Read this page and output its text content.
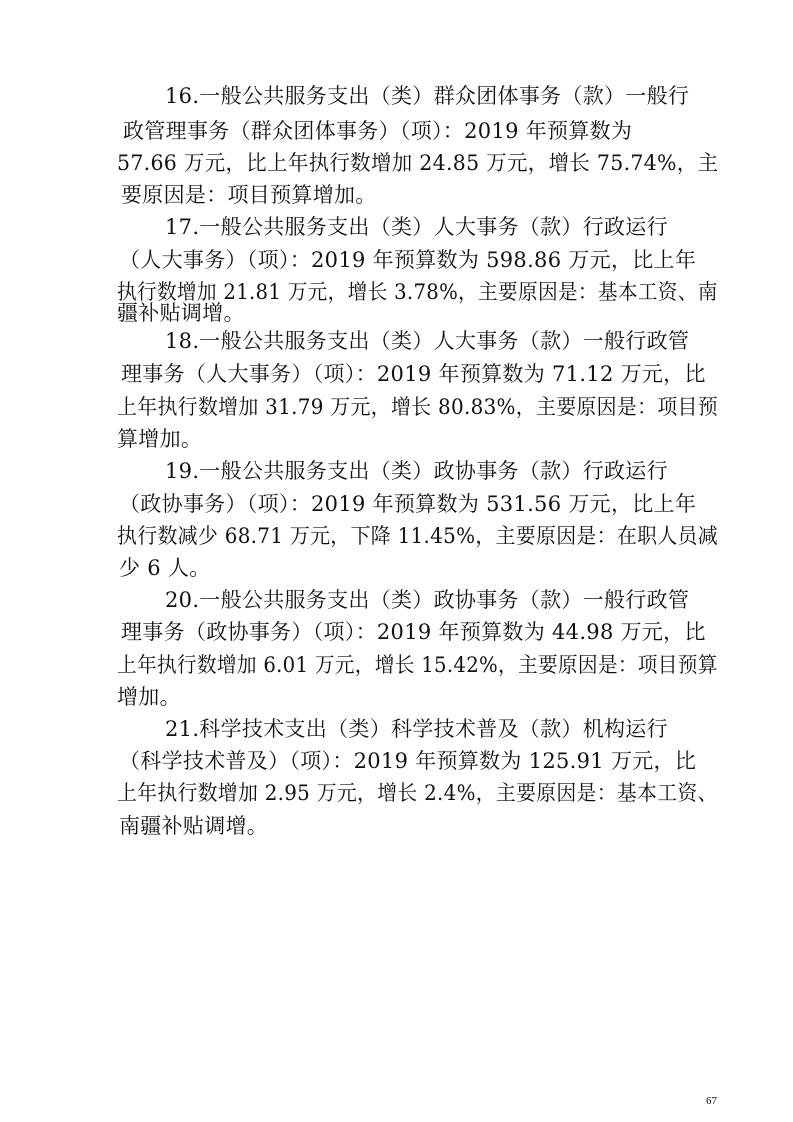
16.一般公共服务支出（类）群众团体事务（款）一般行
政管理事务（群众团体事务）（项）：2019 年预算数为
57.66 万元，比上年执行数增加 24.85 万元，增长 75.74%，主
要原因是：项目预算增加。
17.一般公共服务支出（类）人大事务（款）行政运行
（人大事务）（项）：2019 年预算数为 598.86 万元，比上年
执行数增加 21.81 万元，增长 3.78%，主要原因是：基本工资、南
疆补贴调增。
18.一般公共服务支出（类）人大事务（款）一般行政管
理事务（人大事务）（项）：2019 年预算数为 71.12 万元，比
上年执行数增加 31.79 万元，增长 80.83%，主要原因是：项目预
算增加。
19.一般公共服务支出（类）政协事务（款）行政运行
（政协事务）（项）：2019 年预算数为 531.56 万元，比上年
执行数减少 68.71 万元，下降 11.45%，主要原因是：在职人员减
少 6 人。
20.一般公共服务支出（类）政协事务（款）一般行政管
理事务（政协事务）（项）：2019 年预算数为 44.98 万元，比
上年执行数增加 6.01 万元，增长 15.42%，主要原因是：项目预算
增加。
21.科学技术支出（类）科学技术普及（款）机构运行
（科学技术普及）（项）：2019 年预算数为 125.91 万元，比
上年执行数增加 2.95 万元，增长 2.4%，主要原因是：基本工资、
南疆补贴调增。
67
